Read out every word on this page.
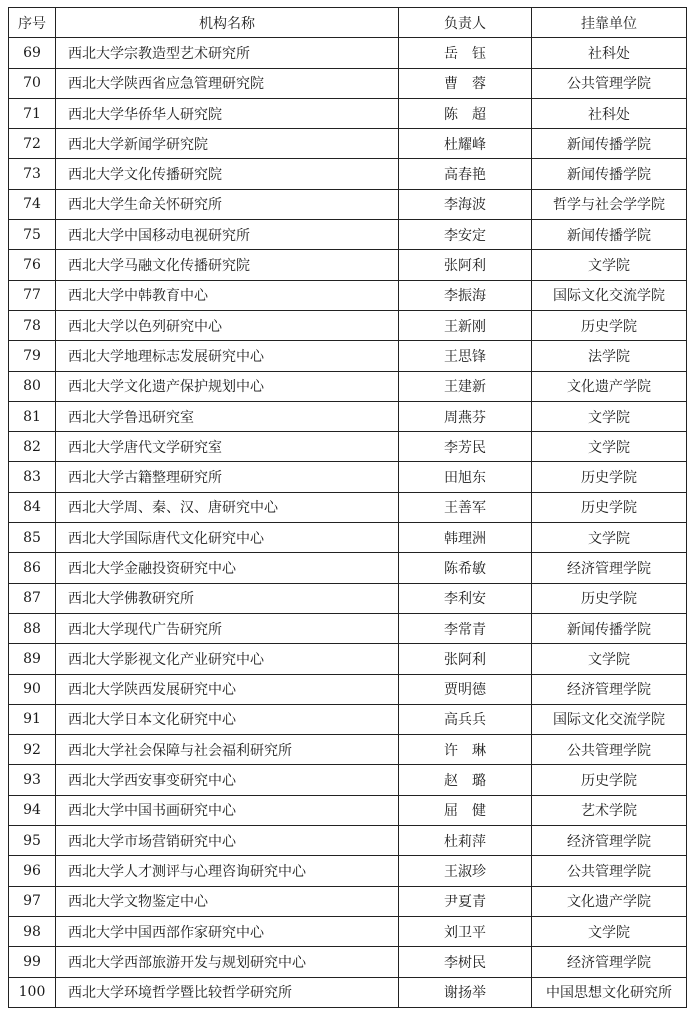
序号	机构名称	负责人	挂靠单位
69	西北大学宗教造型艺术研究所	岳　钰	社科处
70	西北大学陕西省应急管理研究院	曹　蓉	公共管理学院
71	西北大学华侨华人研究院	陈　超	社科处
72	西北大学新闻学研究院	杜耀峰	新闻传播学院
73	西北大学文化传播研究院	高春艳	新闻传播学院
74	西北大学生命关怀研究所	李海波	哲学与社会学学院
75	西北大学中国移动电视研究所	李安定	新闻传播学院
76	西北大学马融文化传播研究院	张阿利	文学院
77	西北大学中韩教育中心	李振海	国际文化交流学院
78	西北大学以色列研究中心	王新刚	历史学院
79	西北大学地理标志发展研究中心	王思锋	法学院
80	西北大学文化遗产保护规划中心	王建新	文化遗产学院
81	西北大学鲁迅研究室	周燕芬	文学院
82	西北大学唐代文学研究室	李芳民	文学院
83	西北大学古籍整理研究所	田旭东	历史学院
84	西北大学周、秦、汉、唐研究中心	王善军	历史学院
85	西北大学国际唐代文化研究中心	韩理洲	文学院
86	西北大学金融投资研究中心	陈希敏	经济管理学院
87	西北大学佛教研究所	李利安	历史学院
88	西北大学现代广告研究所	李常青	新闻传播学院
89	西北大学影视文化产业研究中心	张阿利	文学院
90	西北大学陕西发展研究中心	贾明德	经济管理学院
91	西北大学日本文化研究中心	高兵兵	国际文化交流学院
92	西北大学社会保障与社会福利研究所	许　琳	公共管理学院
93	西北大学西安事变研究中心	赵　璐	历史学院
94	西北大学中国书画研究中心	屈　健	艺术学院
95	西北大学市场营销研究中心	杜莉萍	经济管理学院
96	西北大学人才测评与心理咨询研究中心	王淑珍	公共管理学院
97	西北大学文物鉴定中心	尹夏青	文化遗产学院
98	西北大学中国西部作家研究中心	刘卫平	文学院
99	西北大学西部旅游开发与规划研究中心	李树民	经济管理学院
100	西北大学环境哲学暨比较哲学研究所	谢扬举	中国思想文化研究所
